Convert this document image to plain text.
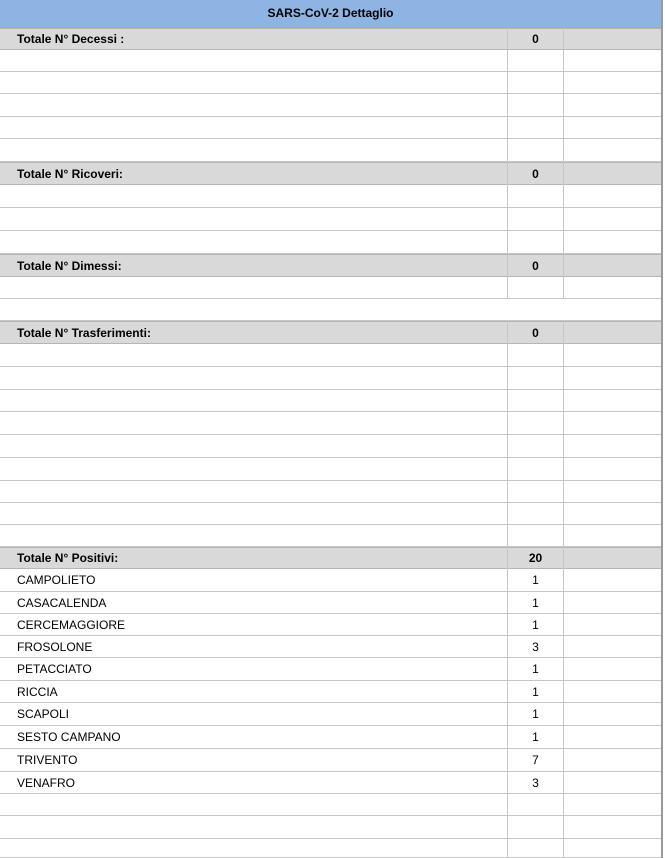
SARS-CoV-2 Dettaglio
Totale N° Decessi :	0
Totale N° Ricoveri:	0
Totale N° Dimessi:	0
Totale N° Trasferimenti:	0
Totale N° Positivi:	20
CAMPOLIETO	1
CASACALENDA	1
CERCEMAGGIORE	1
FROSOLONE	3
PETACCIATO	1
RICCIA	1
SCAPOLI	1
SESTO CAMPANO	1
TRIVENTO	7
VENAFRO	3
